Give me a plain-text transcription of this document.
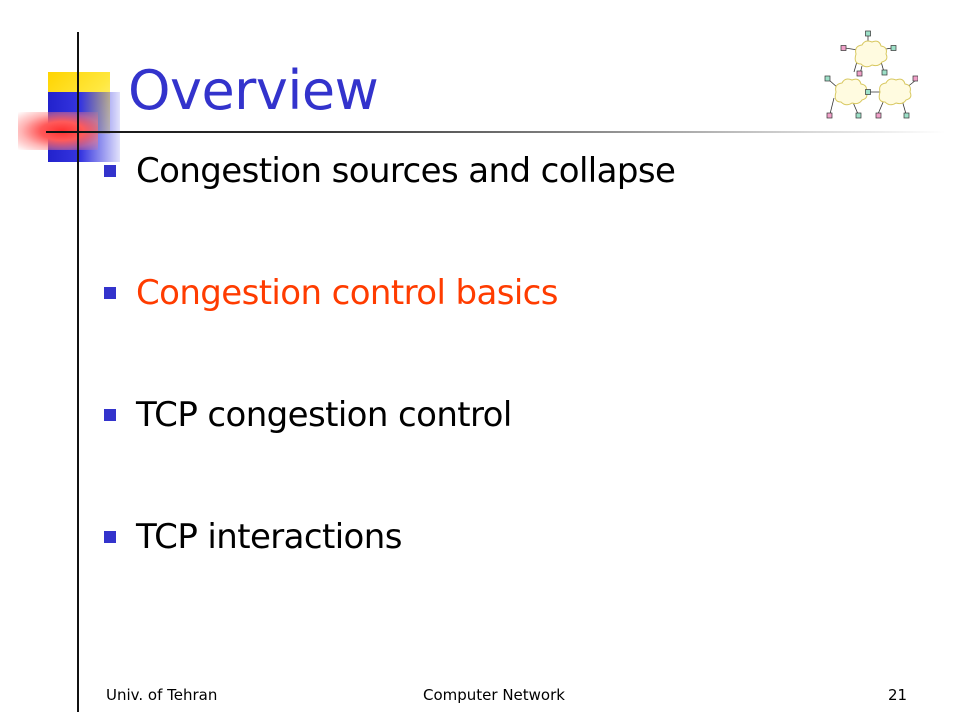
Overview
Congestion sources and collapse
Congestion control basics
TCP congestion control
TCP interactions
Univ. of Tehran	Computer Network	21
